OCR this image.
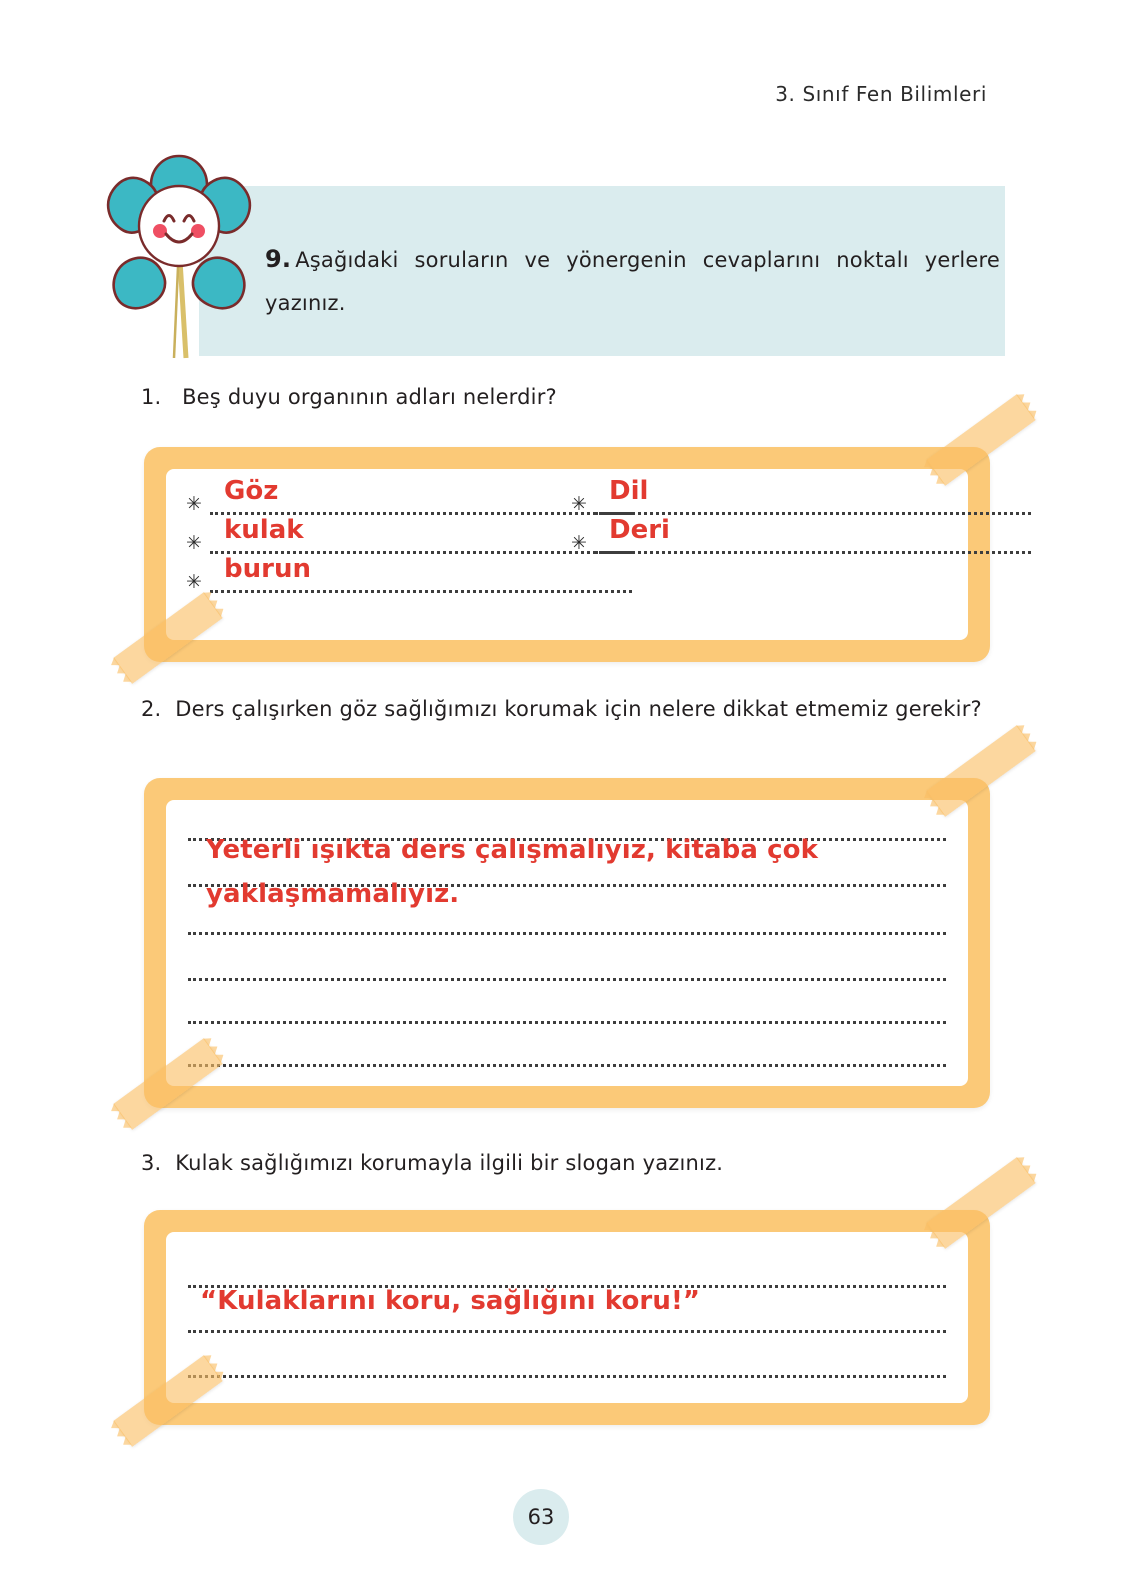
3. Sınıf Fen Bilimleri
9. Aşağıdaki soruların ve yönergenin cevaplarını noktalı yerlere yazınız.
1. Beş duyu organının adları nelerdir?
✳ Göz
✳ kulak
✳ burun
✳ Dil
✳ Deri
2. Ders çalışırken göz sağlığımızı korumak için nelere dikkat etmemiz gerekir?
Yeterli ışıkta ders çalışmalıyız, kitaba çok yaklaşmamalıyız.
3. Kulak sağlığımızı korumayla ilgili bir slogan yazınız.
“Kulaklarını koru, sağlığını koru!”
63
